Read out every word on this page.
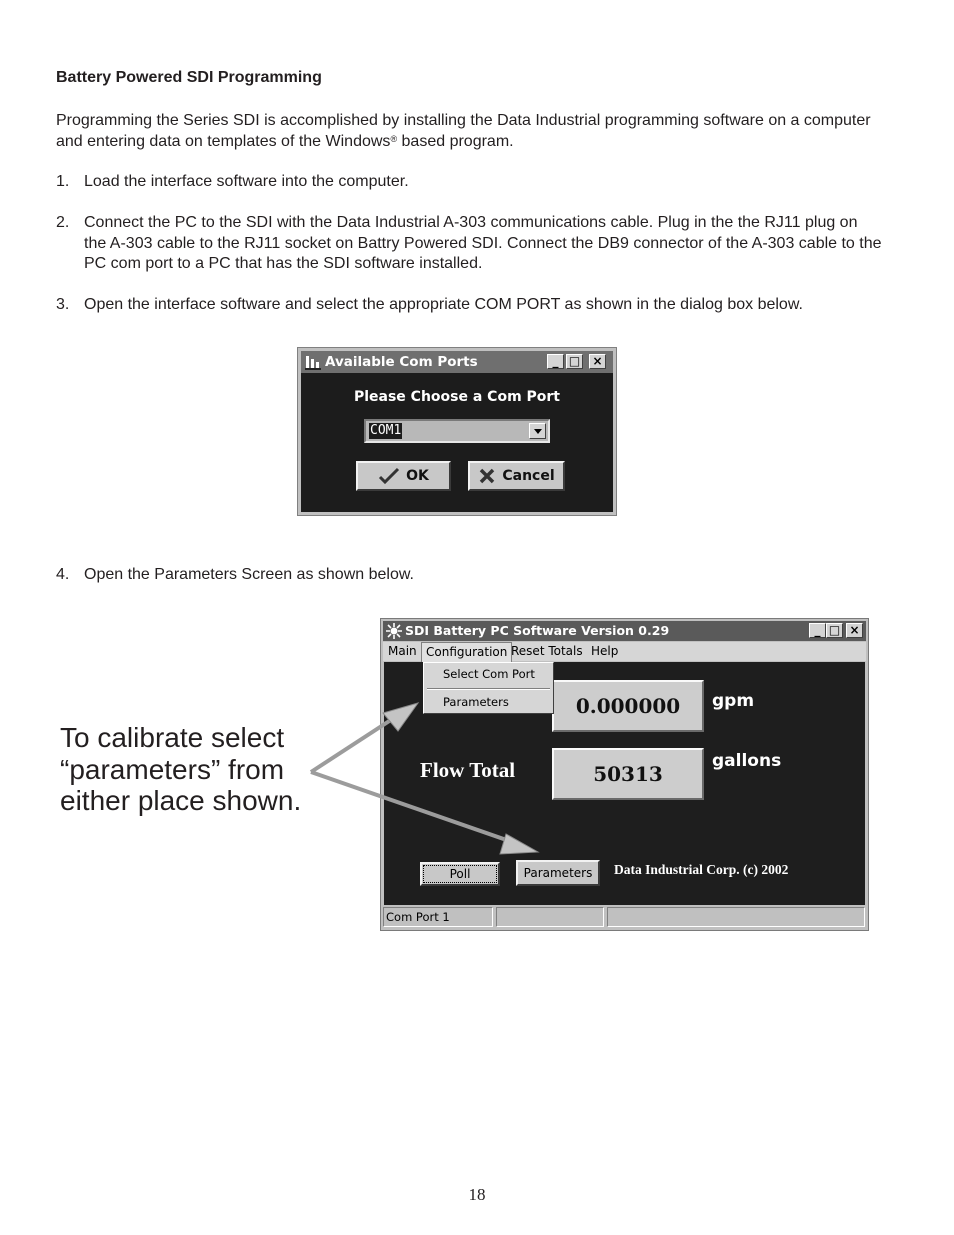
Battery Powered SDI Programming
Programming the Series SDI is accomplished by installing the Data Industrial programming software on a computer and entering data on templates of the Windows® based program.
1. Load the interface software into the computer.
2. Connect the PC to the SDI with the Data Industrial A-303 communications cable. Plug in the the RJ11 plug on the A-303 cable to the RJ11 socket on Battry Powered SDI. Connect the DB9 connector of the A-303 cable to the PC com port to a PC that has the SDI software installed.
3. Open the interface software and select the appropriate COM PORT as shown in the dialog box below.
Available Com Ports	_ □ ×
Please Choose a Com Port
COM1
OK	Cancel
4. Open the Parameters Screen as shown below.
SDI Battery PC Software Version 0.29	_ □ ×
Main Configuration Reset Totals Help
Select Com Port
Parameters	0.000000	gpm
Flow Total	50313
gallons
Poll	Parameters	Data Industrial Corp. (c) 2002
Com Port 1
To calibrate select “parameters” from either place shown.
18
